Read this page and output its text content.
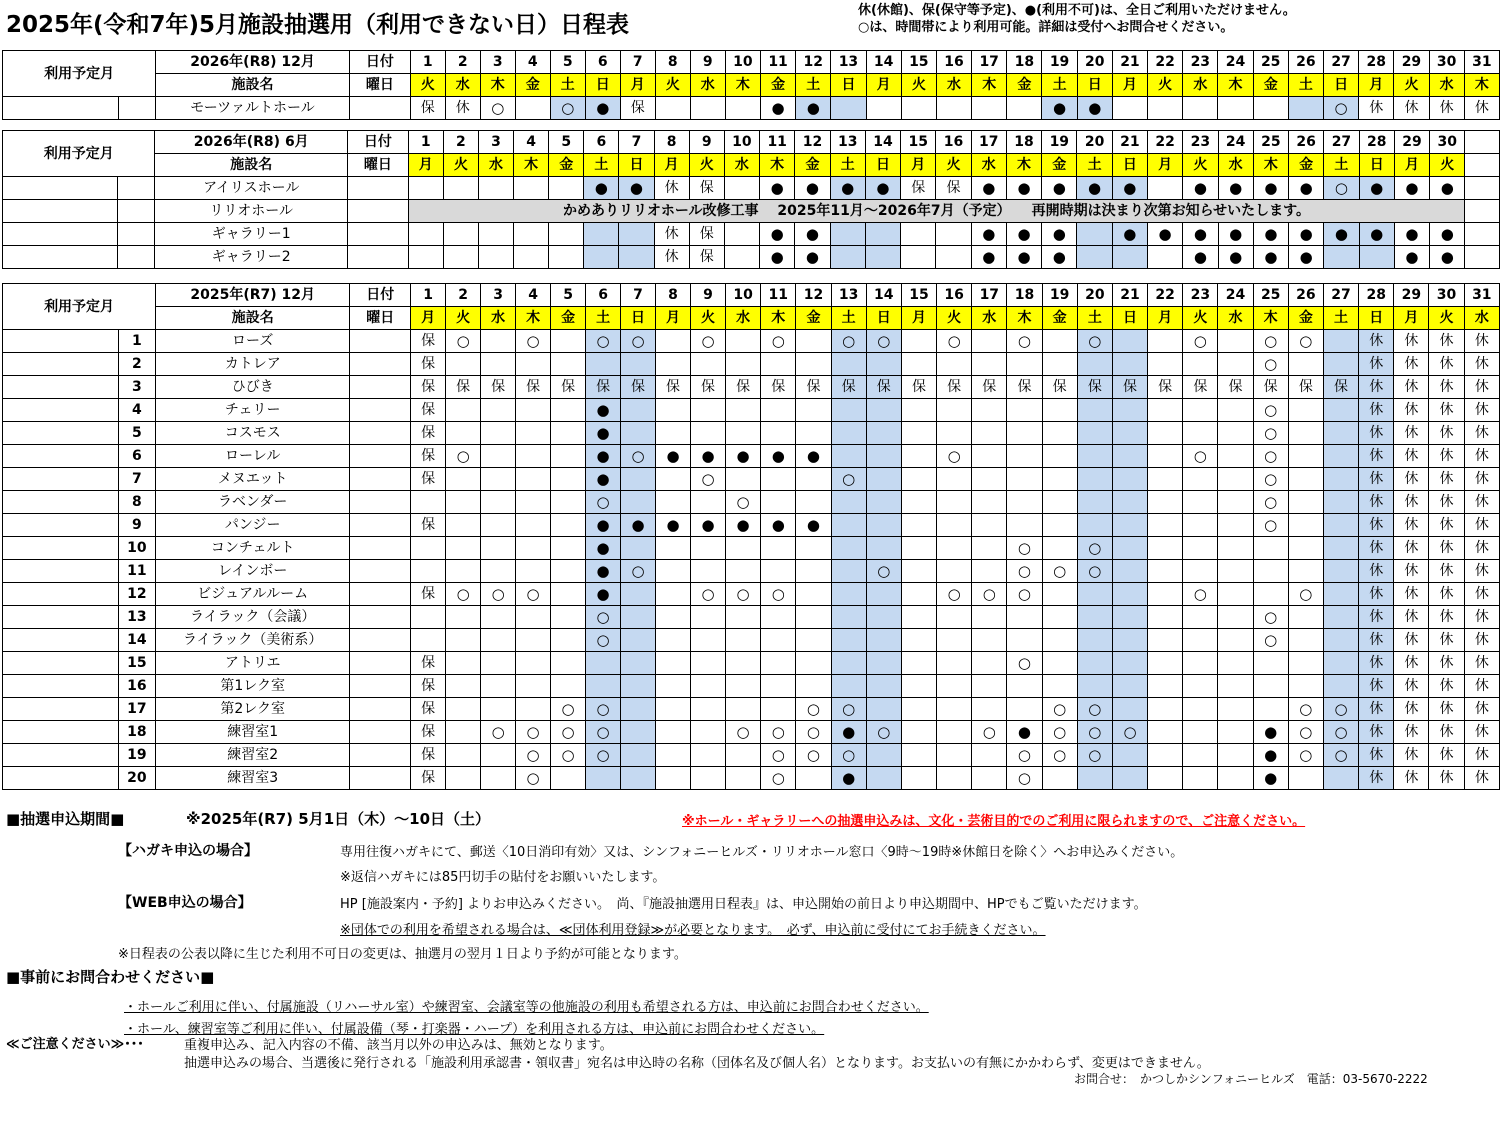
2025年(令和7年)5月施設抽選用（利用できない日）日程表
休(休館)、保(保守等予定)、●(利用不可)は、全日ご利用いただけません。
○は、時間帯により利用可能。詳細は受付へお問合せください。
利用予定月		2026年(R8) 12月	日付	1	2	3	4	5	6	7	8	9	10	11	12	13	14	15	16	17	18	19	20	21	22	23	24	25	26	27	28	29	30	31
		施設名	曜日	火	水	木	金	土	日	月	火	水	木	金	土	日	月	火	水	木	金	土	日	月	火	水	木	金	土	日	月	火	水	木
		モーツァルトホール		保	休	○		○	●	保				●	●							●	●							○	休	休	休	休
利用予定月		2026年(R8) 6月	日付	1	2	3	4	5	6	7	8	9	10	11	12	13	14	15	16	17	18	19	20	21	22	23	24	25	26	27	28	29	30	
		施設名	曜日	月	火	水	木	金	土	日	月	火	水	木	金	土	日	月	火	水	木	金	土	日	月	火	水	木	金	土	日	月	火	
		アイリスホール							●	●	休	保		●	●	●	●	保	保	●	●	●	●	●		●	●	●	●	○	●	●	●	
		リリオホール		かめありリリオホール改修工事　 2025年11月～2026年7月（予定）　　再開時期は決まり次第お知らせいたします。																														
		ギャラリー1									休	保		●	●					●	●	●		●	●	●	●	●	●	●	●	●	●	
		ギャラリー2									休	保		●	●					●	●	●				●	●	●	●			●	●	
利用予定月		2025年(R7) 12月	日付	1	2	3	4	5	6	7	8	9	10	11	12	13	14	15	16	17	18	19	20	21	22	23	24	25	26	27	28	29	30	31
		施設名	曜日	月	火	水	木	金	土	日	月	火	水	木	金	土	日	月	火	水	木	金	土	日	月	火	水	木	金	土	日	月	火	水
	1	ローズ		保	○		○		○	○		○		○		○	○		○		○		○			○		○	○		休	休	休	休
	2	カトレア		保																								○			休	休	休	休
	3	ひびき		保	保	保	保	保	保	保	保	保	保	保	保	保	保	保	保	保	保	保	保	保	保	保	保	保	保	保	休	休	休	休
	4	チェリー		保					●																			○			休	休	休	休
	5	コスモス		保					●																			○			休	休	休	休
	6	ローレル		保	○				●	○	●	●	●	●	●				○							○		○			休	休	休	休
	7	メヌエット		保					●			○				○												○			休	休	休	休
	8	ラベンダー							○				○															○			休	休	休	休
	9	パンジー		保					●	●	●	●	●	●	●													○			休	休	休	休
	10	コンチェルト							●												○		○								休	休	休	休
	11	レインボー							●	○							○				○	○	○								休	休	休	休
	12	ビジュアルルーム		保	○	○	○		●			○	○	○					○	○	○					○			○		休	休	休	休
	13	ライラック（会議）							○																			○			休	休	休	休
	14	ライラック（美術系）							○																			○			休	休	休	休
	15	アトリエ		保																	○										休	休	休	休
	16	第1レク室		保																											休	休	休	休
	17	第2レク室		保				○	○						○	○						○	○						○	○	休	休	休	休
	18	練習室1		保		○	○	○	○				○	○	○	●	○			○	●	○	○	○				●	○	○	休	休	休	休
	19	練習室2		保			○	○	○					○	○	○					○	○	○					●	○	○	休	休	休	休
	20	練習室3		保			○							○		●					○							●			休	休	休	休
■抽選申込期間■	※2025年(R7) 5月1日（木）～10日（土）	※ホール・ギャラリーへの抽選申込みは、文化・芸術目的でのご利用に限られますので、ご注意ください。
【ハガキ申込の場合】	専用往復ハガキにて、郵送〈10日消印有効〉又は、シンフォニーヒルズ・リリオホール窓口〈9時～19時※休館日を除く〉へお申込みください。
※返信ハガキには85円切手の貼付をお願いいたします。
【WEB申込の場合】	HP [施設案内・予約] よりお申込みください。　尚、『施設抽選用日程表』は、申込開始の前日より申込期間中、HPでもご覧いただけます。
※団体での利用を希望される場合は、≪団体利用登録≫が必要となります。　必ず、申込前に受付にてお手続きください。
※日程表の公表以降に生じた利用不可日の変更は、抽選月の翌月１日より予約が可能となります。
■事前にお問合わせください■
・ホールご利用に伴い、付属施設（リハーサル室）や練習室、会議室等の他施設の利用も希望される方は、申込前にお問合わせください。
・ホール、練習室等ご利用に伴い、付属設備（琴・打楽器・ハープ）を利用される方は、申込前にお問合わせください。
≪ご注意ください≫･･･	重複申込み、記入内容の不備、該当月以外の申込みは、無効となります。
抽選申込みの場合、当選後に発行される「施設利用承認書・領収書」宛名は申込時の名称（団体名及び個人名）となります。お支払いの有無にかかわらず、変更はできません。
お問合せ：　かつしかシンフォニーヒルズ　電話：03-5670-2222
